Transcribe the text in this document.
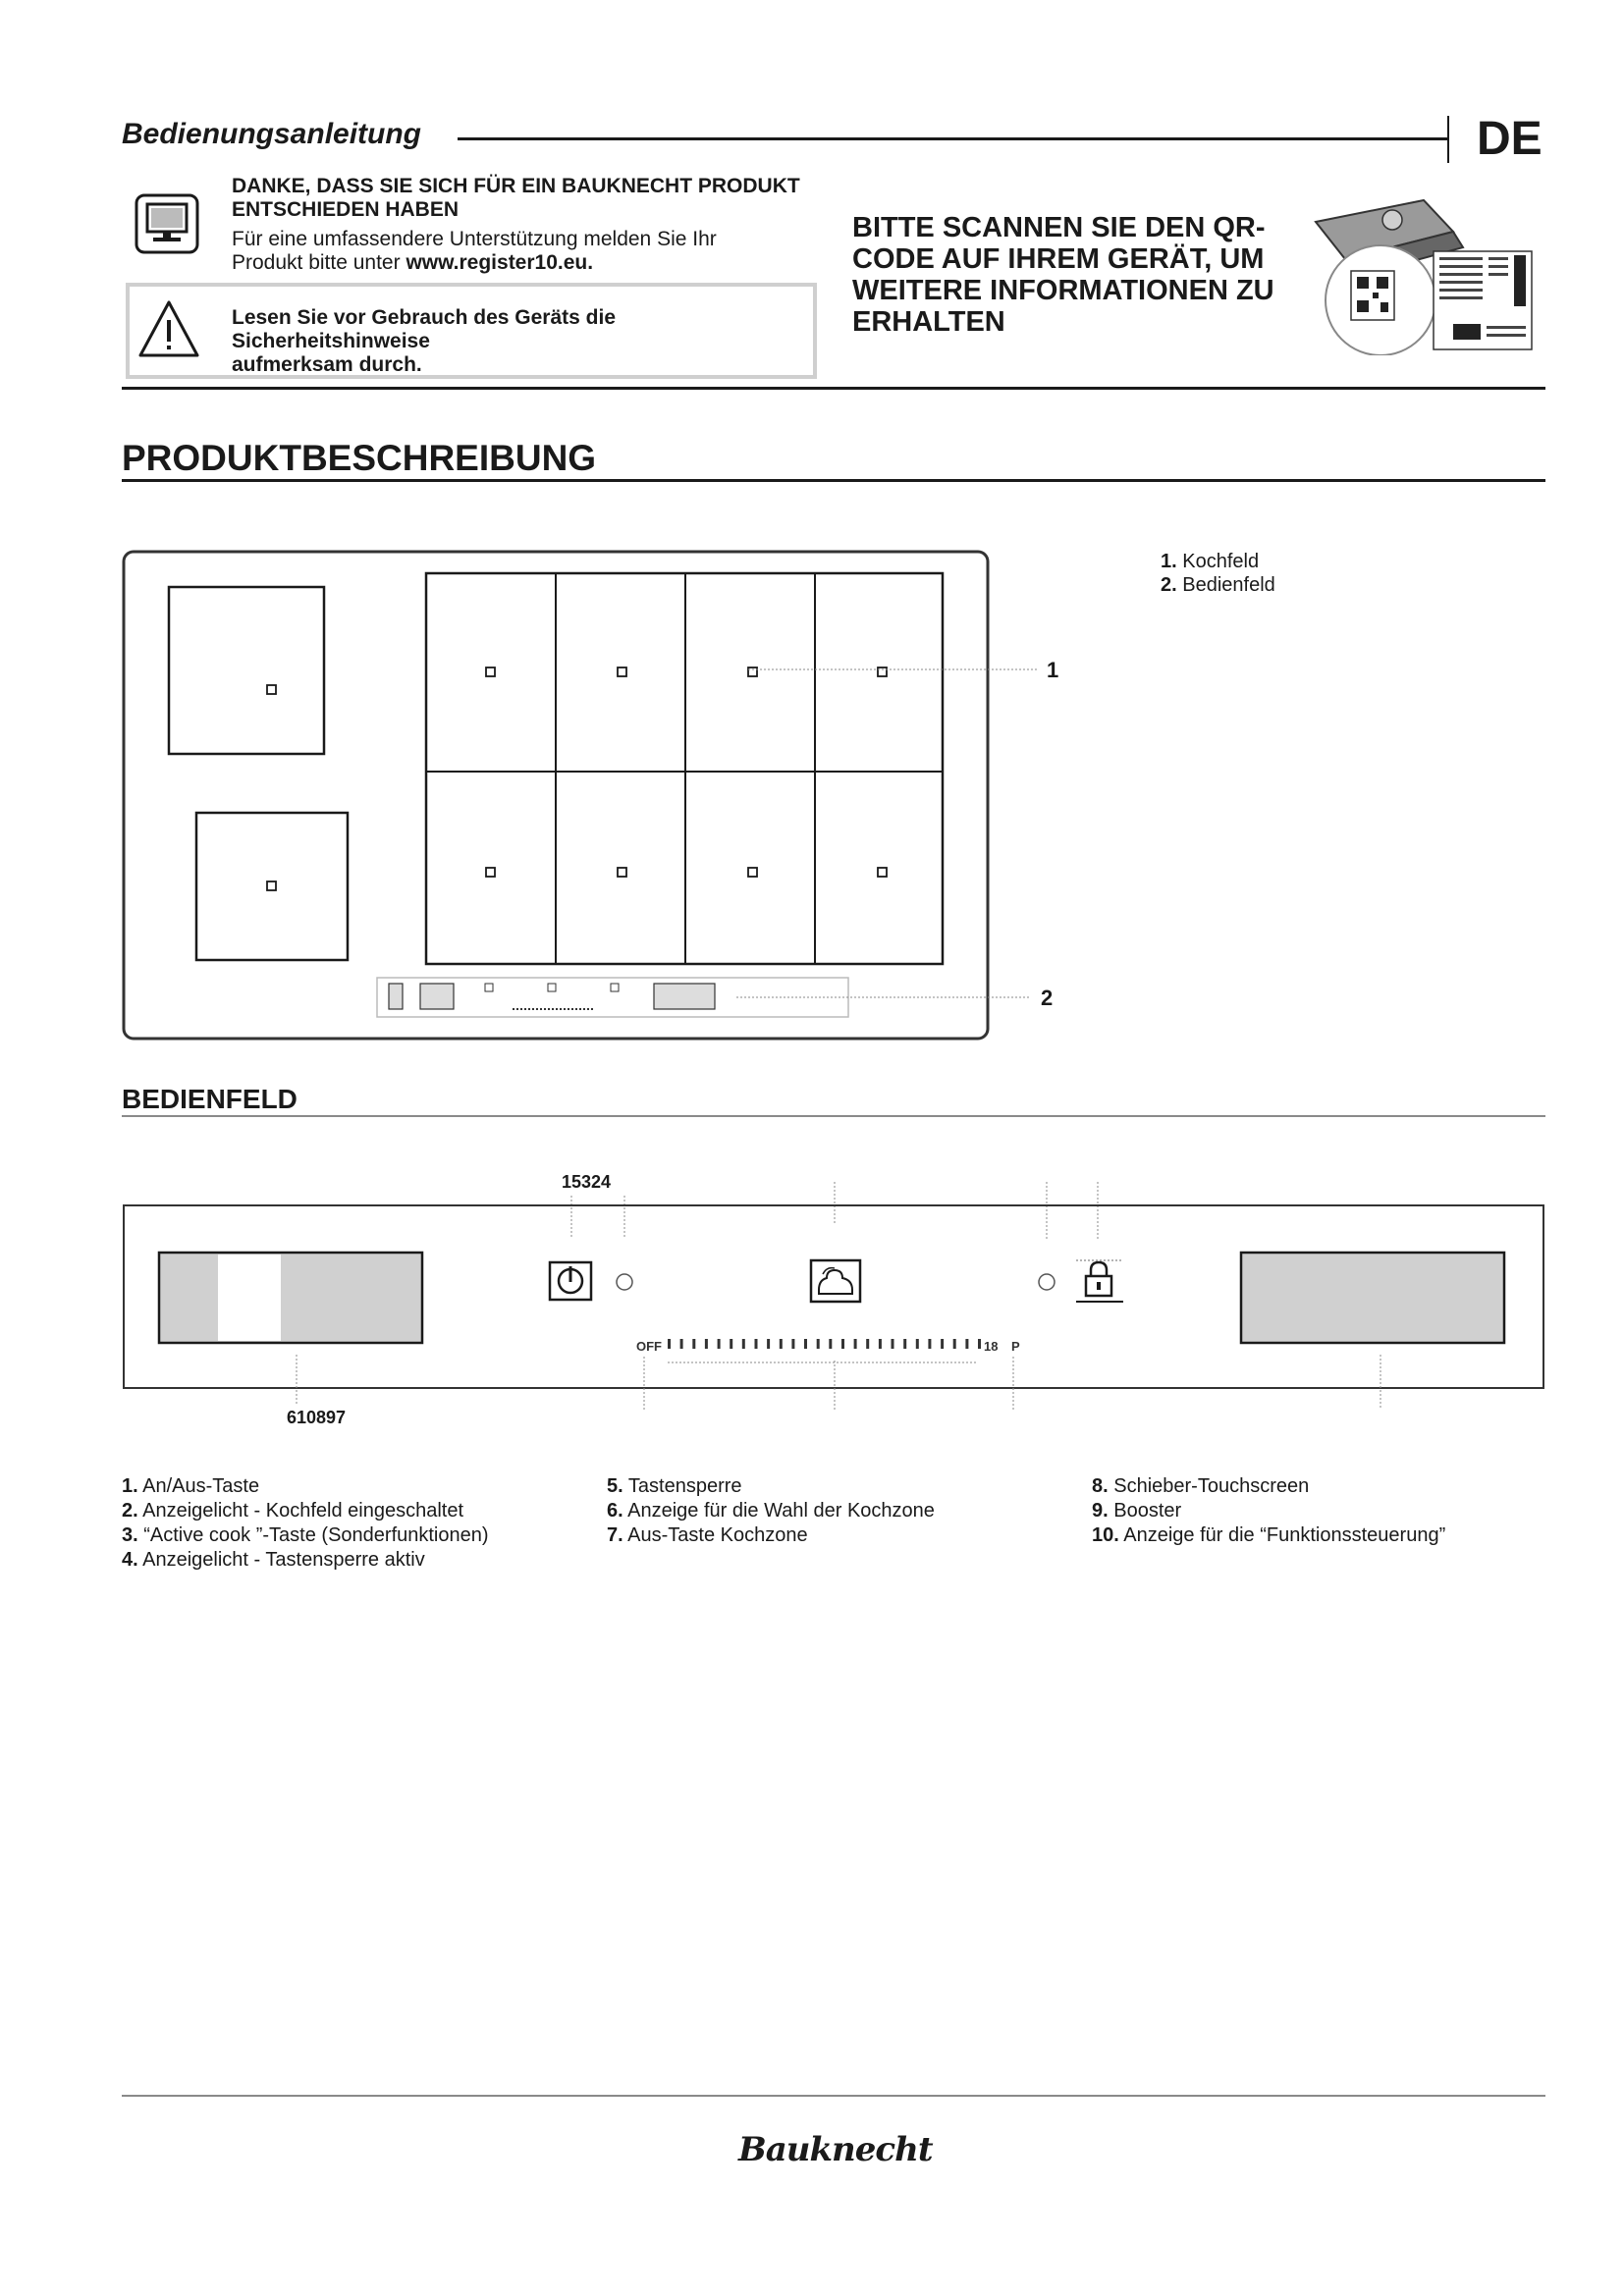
Bedienungsanleitung	DE
DANKE, DASS SIE SICH FÜR EIN BAUKNECHT PRODUKT
ENTSCHIEDEN HABEN
Für eine umfassendere Unterstützung melden Sie Ihr
Produkt bitte unter www.register10.eu.
Lesen Sie vor Gebrauch des Geräts die Sicherheitshinweise
aufmerksam durch.
BITTE SCANNEN SIE DEN QR-
CODE AUF IHREM GERÄT, UM
WEITERE INFORMATIONEN ZU
ERHALTEN
PRODUKTBESCHREIBUNG
1
2
1. Kochfeld
2. Bedienfeld
BEDIENFELD
15324
OFF	18 P
610897
1. An/Aus-Taste
2. Anzeigelicht - Kochfeld eingeschaltet
3. “Active cook ”-Taste (Sonderfunktionen)
4. Anzeigelicht - Tastensperre aktiv
5. Tastensperre
6. Anzeige für die Wahl der Kochzone
7. Aus-Taste Kochzone
8. Schieber-Touchscreen
9. Booster
10. Anzeige für die “Funktionssteuerung”
Bauknecht
